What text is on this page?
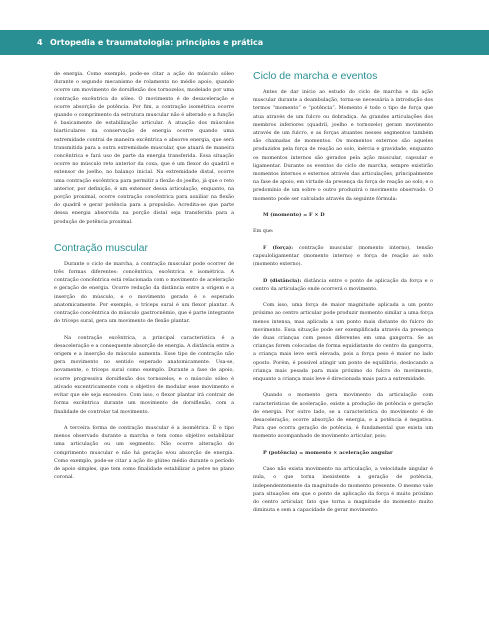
4 Ortopedia e traumatologia: princípios e prática

de energia. Como exemplo, pode-se citar a ação do músculo sóleo durante o segundo mecanismo de rolamento no médio apoio, quando ocorre um movimento de dorsiflexão dos tornozelos, modelado por uma contração excêntrica do sóleo. O movimento é de desaceleração e ocorre absorção de potência. Por fim, a contração isométrica ocorre quando o comprimento da estrutura muscular não é alterado e a função é basicamente de estabilização articular. A atuação dos músculos biarticulares na conservação de energia ocorre quando uma extremidade contrai de maneira excêntrica e absorve energia, que será transmitida para a outra extremidade muscular, que atuará de maneira concêntrica e fará uso de parte da energia transferida. Essa situação ocorre no músculo reto anterior da coxa, que é um flexor do quadril e extensor de joelho, no balanço inicial. Na extremidade distal, ocorre uma contração excêntrica para permitir a flexão do joelho, já que o reto anterior, por definição, é um extensor dessa articulação, enquanto, na porção proximal, ocorre contração concêntrica para auxiliar na flexão do quadril e gerar potência para a propulsão. Acredita-se que parte dessa energia absorvida na porção distal seja transferida para a produção de potência proximal.

Contração muscular

Durante o ciclo de marcha, a contração muscular pode ocorrer de três formas diferentes: concêntrica, excêntrica e isométrica. A contração concêntrica está relacionada com o movimento de aceleração e geração de energia. Ocorre redução da distância entre a origem e a inserção do músculo, e o movimento gerado é o esperado anatomicamente. Por exemplo, o tríceps sural é um flexor plantar. A contração concêntrica do músculo gastrocnêmio, que é parte integrante do tríceps sural, gera um movimento de flexão plantar.

Na contração excêntrica, a principal característica é a desaceleração e a consequente absorção de energia. A distância entre a origem e a inserção do músculo aumenta. Esse tipo de contração não gera movimento no sentido esperado anatomicamente. Usa-se, novamente, o tríceps sural como exemplo. Durante a fase de apoio, ocorre progressiva dorsiflexão dos tornozelos, e o músculo sóleo é ativado excentricamente com o objetivo de modular esse movimento e evitar que ele seja excessivo. Com isso, o flexor plantar irá contrair de forma excêntrica durante um movimento de dorsiflexão, com a finalidade de controlar tal movimento.

A terceira forma de contração muscular é a isométrica. É o tipo menos observado durante a marcha e tem como objetivo estabilizar uma articulação ou um segmento. Não ocorre alteração do comprimento muscular e não há geração e/ou absorção de energia. Como exemplo, pode-se citar a ação do glúteo médio durante o período de apoio simples, que tem como finalidade estabilizar a pelve no plano coronal.

Ciclo de marcha e eventos

Antes de dar início ao estudo do ciclo de marcha e da ação muscular durante a deambulação, torna-se necessária a introdução dos termos “momento” e “potência”. Momento é todo o tipo de força que atua através de um fulcro ou dobradiça. As grandes articulações dos membros inferiores (quadril, joelho e tornozelo) geram movimento através de um fulcro, e as forças atuantes nesses segmentos também são chamadas de momentos. Os momentos externos são aqueles produzidos pela força de reação ao solo, inércia e gravidade, enquanto os momentos internos são gerados pela ação muscular, capsular e ligamentar. Durante os eventos do ciclo de marcha, sempre existirão momentos internos e externos através das articulações, principalmente na fase de apoio, em virtude da presença da força de reação ao solo, e o predomínio de um sobre o outro produzirá o movimento observado. O momento pode ser calculado através da seguinte fórmula:

M (momento) = F × D

Em que:

F (força): contração muscular (momento interno), tensão capsuloligamentar (momento interno) e força de reação ao solo (momento externo).

D (distância): distância entre o ponto de aplicação da força e o centro da articulação onde ocorrerá o movimento.

Com isso, uma força de maior magnitude aplicada a um ponto próximo ao centro articular pode produzir momento similar a uma força menos intensa, mas aplicada a um ponto mais distante do fulcro do movimento. Essa situação pode ser exemplificada através da presença de duas crianças com pesos diferentes em uma gangorra. Se as crianças forem colocadas de forma equidistante do centro da gangorra, a criança mais leve será elevada, pois a força peso é maior no lado oposto. Porém, é possível atingir um ponto de equilíbrio, deslocando a criança mais pesada para mais próximo do fulcro do movimento, enquanto a criança mais leve é direcionada mais para a extremidade.

Quando o momento gera movimento da articulação com características de aceleração, existe a produção de potência e geração de energia. Por outro lado, se a característica do movimento é de desaceleração, ocorre absorção de energia, e a potência é negativa. Para que ocorra geração de potência, é fundamental que exista um momento acompanhado de movimento articular, pois:

P (potência) = momento × aceleração angular

Caso não exista movimento na articulação, a velocidade angular é nula, o que torna inexistente a geração de potência, independentemente da magnitude do momento presente. O mesmo vale para situações em que o ponto de aplicação da força é muito próximo do centro articular, fato que torna a magnitude do momento muito diminuta e sem a capacidade de gerar movimento.
